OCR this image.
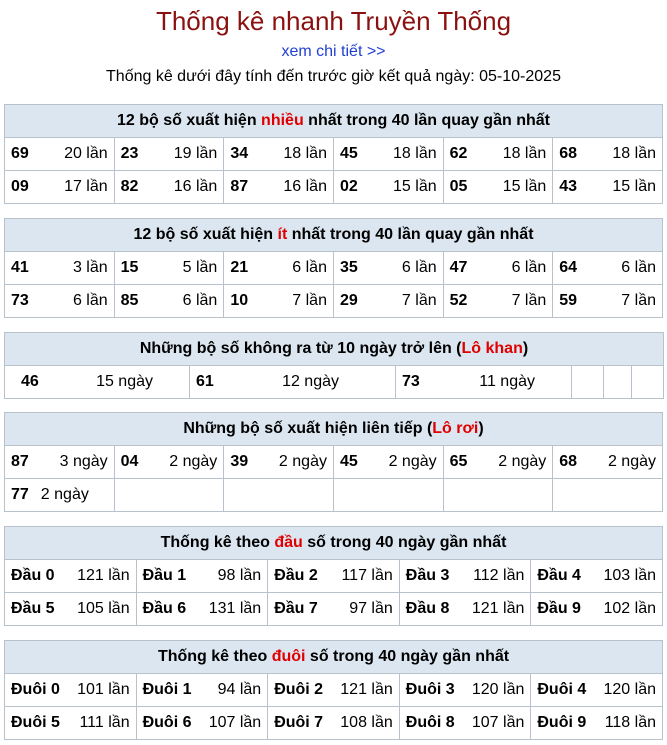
Thống kê nhanh Truyền Thống
xem chi tiết >>
Thống kê dưới đây tính đến trước giờ kết quả ngày: 05-10-2025
12 bộ số xuất hiện nhiều nhất trong 40 lần quay gần nhất					

69 20 lần	23 19 lần	34 18 lần	45 18 lần	62 18 lần	68 18 lần

09 17 lần	82 16 lần	87 16 lần	02 15 lần	05 15 lần	43 15 lần
12 bộ số xuất hiện ít nhất trong 40 lần quay gần nhất					

41 3 lần	15 5 lần	21 6 lần	35 6 lần	47 6 lần	64 6 lần

73 6 lần	85 6 lần	10 7 lần	29 7 lần	52 7 lần	59 7 lần
Những bộ số không ra từ 10 ngày trở lên (Lô khan)

46	15 ngày	61	12 ngày	73	11 ngày

Những bộ số xuất hiện liên tiếp (Lô rơi)					

87 3 ngày	04 2 ngày	39 2 ngày	45 2 ngày	65 2 ngày	68 2 ngày

77 2 ngày					

Thống kê theo đầu số trong 40 ngày gần nhất				

Đầu 0 121 lần	Đầu 1 98 lần	Đầu 2 117 lần	Đầu 3 112 lần	Đầu 4 103 lần

Đầu 5 105 lần	Đầu 6 131 lần	Đầu 7 97 lần	Đầu 8 121 lần	Đầu 9 102 lần
Thống kê theo đuôi số trong 40 ngày gần nhất				

Đuôi 0 101 lần	Đuôi 1 94 lần	Đuôi 2 121 lần	Đuôi 3 120 lần	Đuôi 4 120 lần

Đuôi 5 111 lần	Đuôi 6 107 lần	Đuôi 7 108 lần	Đuôi 8 107 lần	Đuôi 9 118 lần
